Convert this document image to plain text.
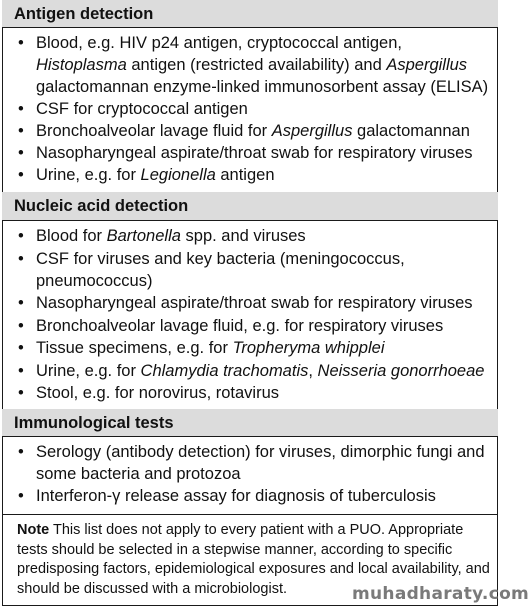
Antigen detection
• Blood, e.g. HIV p24 antigen, cryptococcal antigen,
Histoplasma antigen (restricted availability) and Aspergillus
galactomannan enzyme-linked immunosorbent assay (ELISA)
• CSF for cryptococcal antigen
• Bronchoalveolar lavage fluid for Aspergillus galactomannan
• Nasopharyngeal aspirate/throat swab for respiratory viruses
• Urine, e.g. for Legionella antigen
Nucleic acid detection
• Blood for Bartonella spp. and viruses
• CSF for viruses and key bacteria (meningococcus,
pneumococcus)
• Nasopharyngeal aspirate/throat swab for respiratory viruses
• Bronchoalveolar lavage fluid, e.g. for respiratory viruses
• Tissue specimens, e.g. for Tropheryma whipplei
• Urine, e.g. for Chlamydia trachomatis, Neisseria gonorrhoeae
• Stool, e.g. for norovirus, rotavirus
Immunological tests
• Serology (antibody detection) for viruses, dimorphic fungi and
some bacteria and protozoa
• Interferon-γ release assay for diagnosis of tuberculosis
Note This list does not apply to every patient with a PUO. Appropriate tests should be selected in a stepwise manner, according to specific predisposing factors, epidemiological exposures and local availability, and should be discussed with a microbiologist.	muhadharaty.com
